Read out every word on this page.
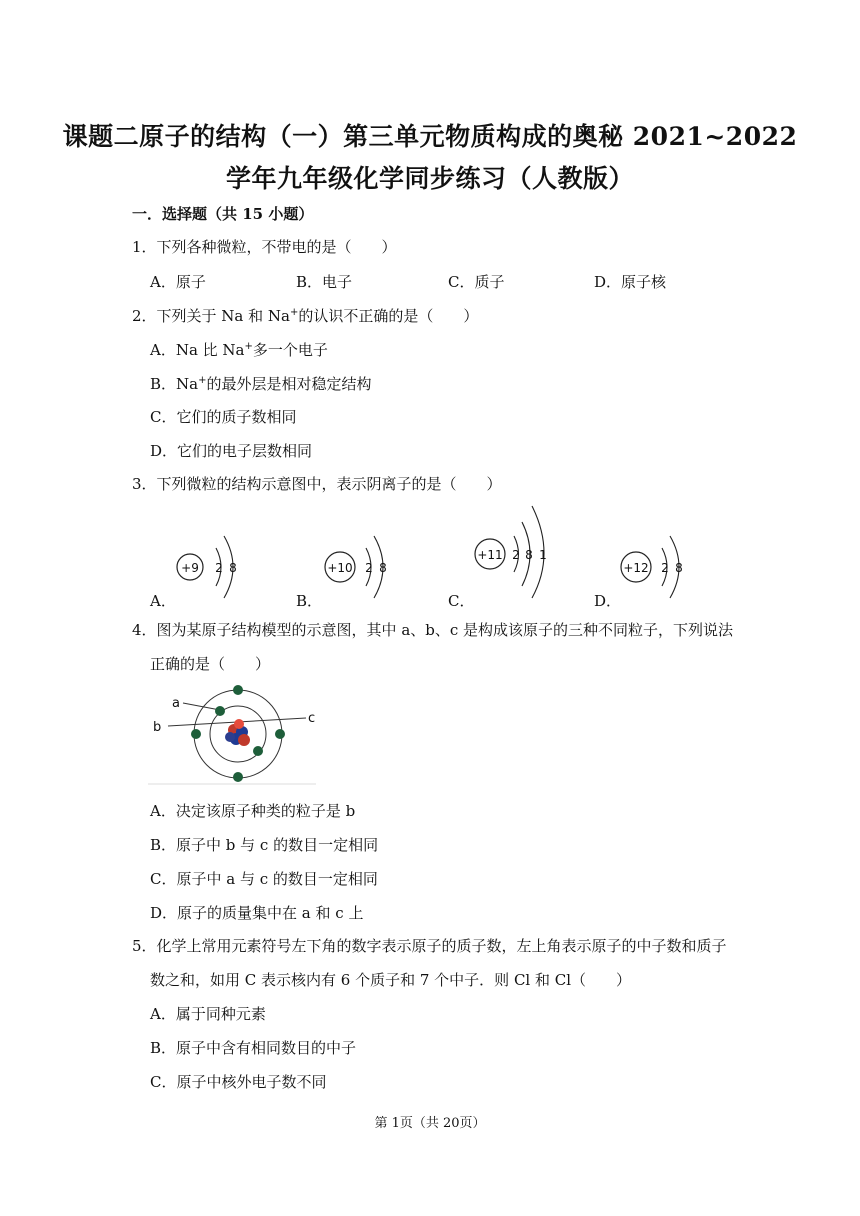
课题二原子的结构（一）第三单元物质构成的奥秘 2021~2022
学年九年级化学同步练习（人教版）
一．选择题（共 15 小题）
1．下列各种微粒，不带电的是（　　）
A．原子	B．电子	C．质子	D．原子核
2．下列关于 Na 和 Na+的认识不正确的是（　　）
A．Na 比 Na+多一个电子
B．Na+的最外层是相对稳定结构
C．它们的质子数相同
D．它们的电子层数相同
3．下列微粒的结构示意图中，表示阴离子的是（　　）
A．
+9 2 8
B．
+10 2 8
C．
+11 2 8 1
D．
+12 2 8
4．图为某原子结构模型的示意图，其中 a、b、c 是构成该原子的三种不同粒子，下列说法
正确的是（　　）
a
b
c
A．决定该原子种类的粒子是 b
B．原子中 b 与 c 的数目一定相同
C．原子中 a 与 c 的数目一定相同
D．原子的质量集中在 a 和 c 上
5．化学上常用元素符号左下角的数字表示原子的质子数，左上角表示原子的中子数和质子
数之和，如用 C 表示核内有 6 个质子和 7 个中子．则 Cl 和 Cl（　　）
A．属于同种元素
B．原子中含有相同数目的中子
C．原子中核外电子数不同
第 1页（共 20页）
